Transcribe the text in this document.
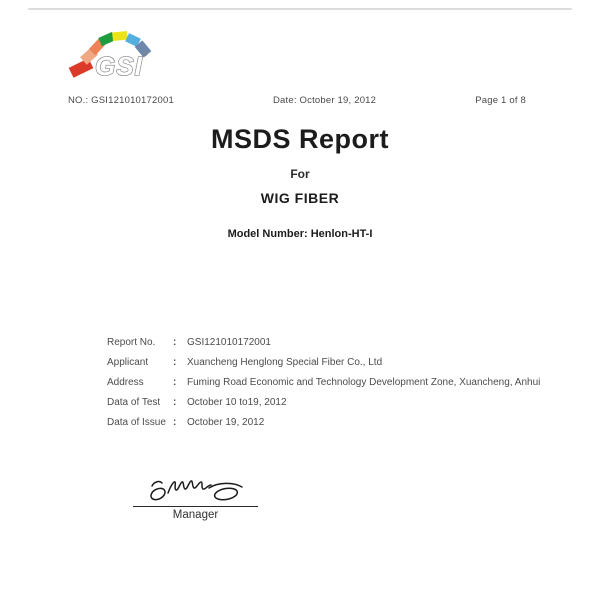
GSI ®
NO.: GSI121010172001	Date: October 19, 2012	Page 1 of 8
MSDS Report
For
WIG FIBER
Model Number: Henlon-HT-I
Report No.	:	GSI121010172001
Applicant	:	Xuancheng Henglong Special Fiber Co., Ltd
Address	:	Fuming Road Economic and Technology Development Zone, Xuancheng, Anhui
Data of Test	:	October 10 to19, 2012
Data of Issue :	October 19, 2012
Manager
